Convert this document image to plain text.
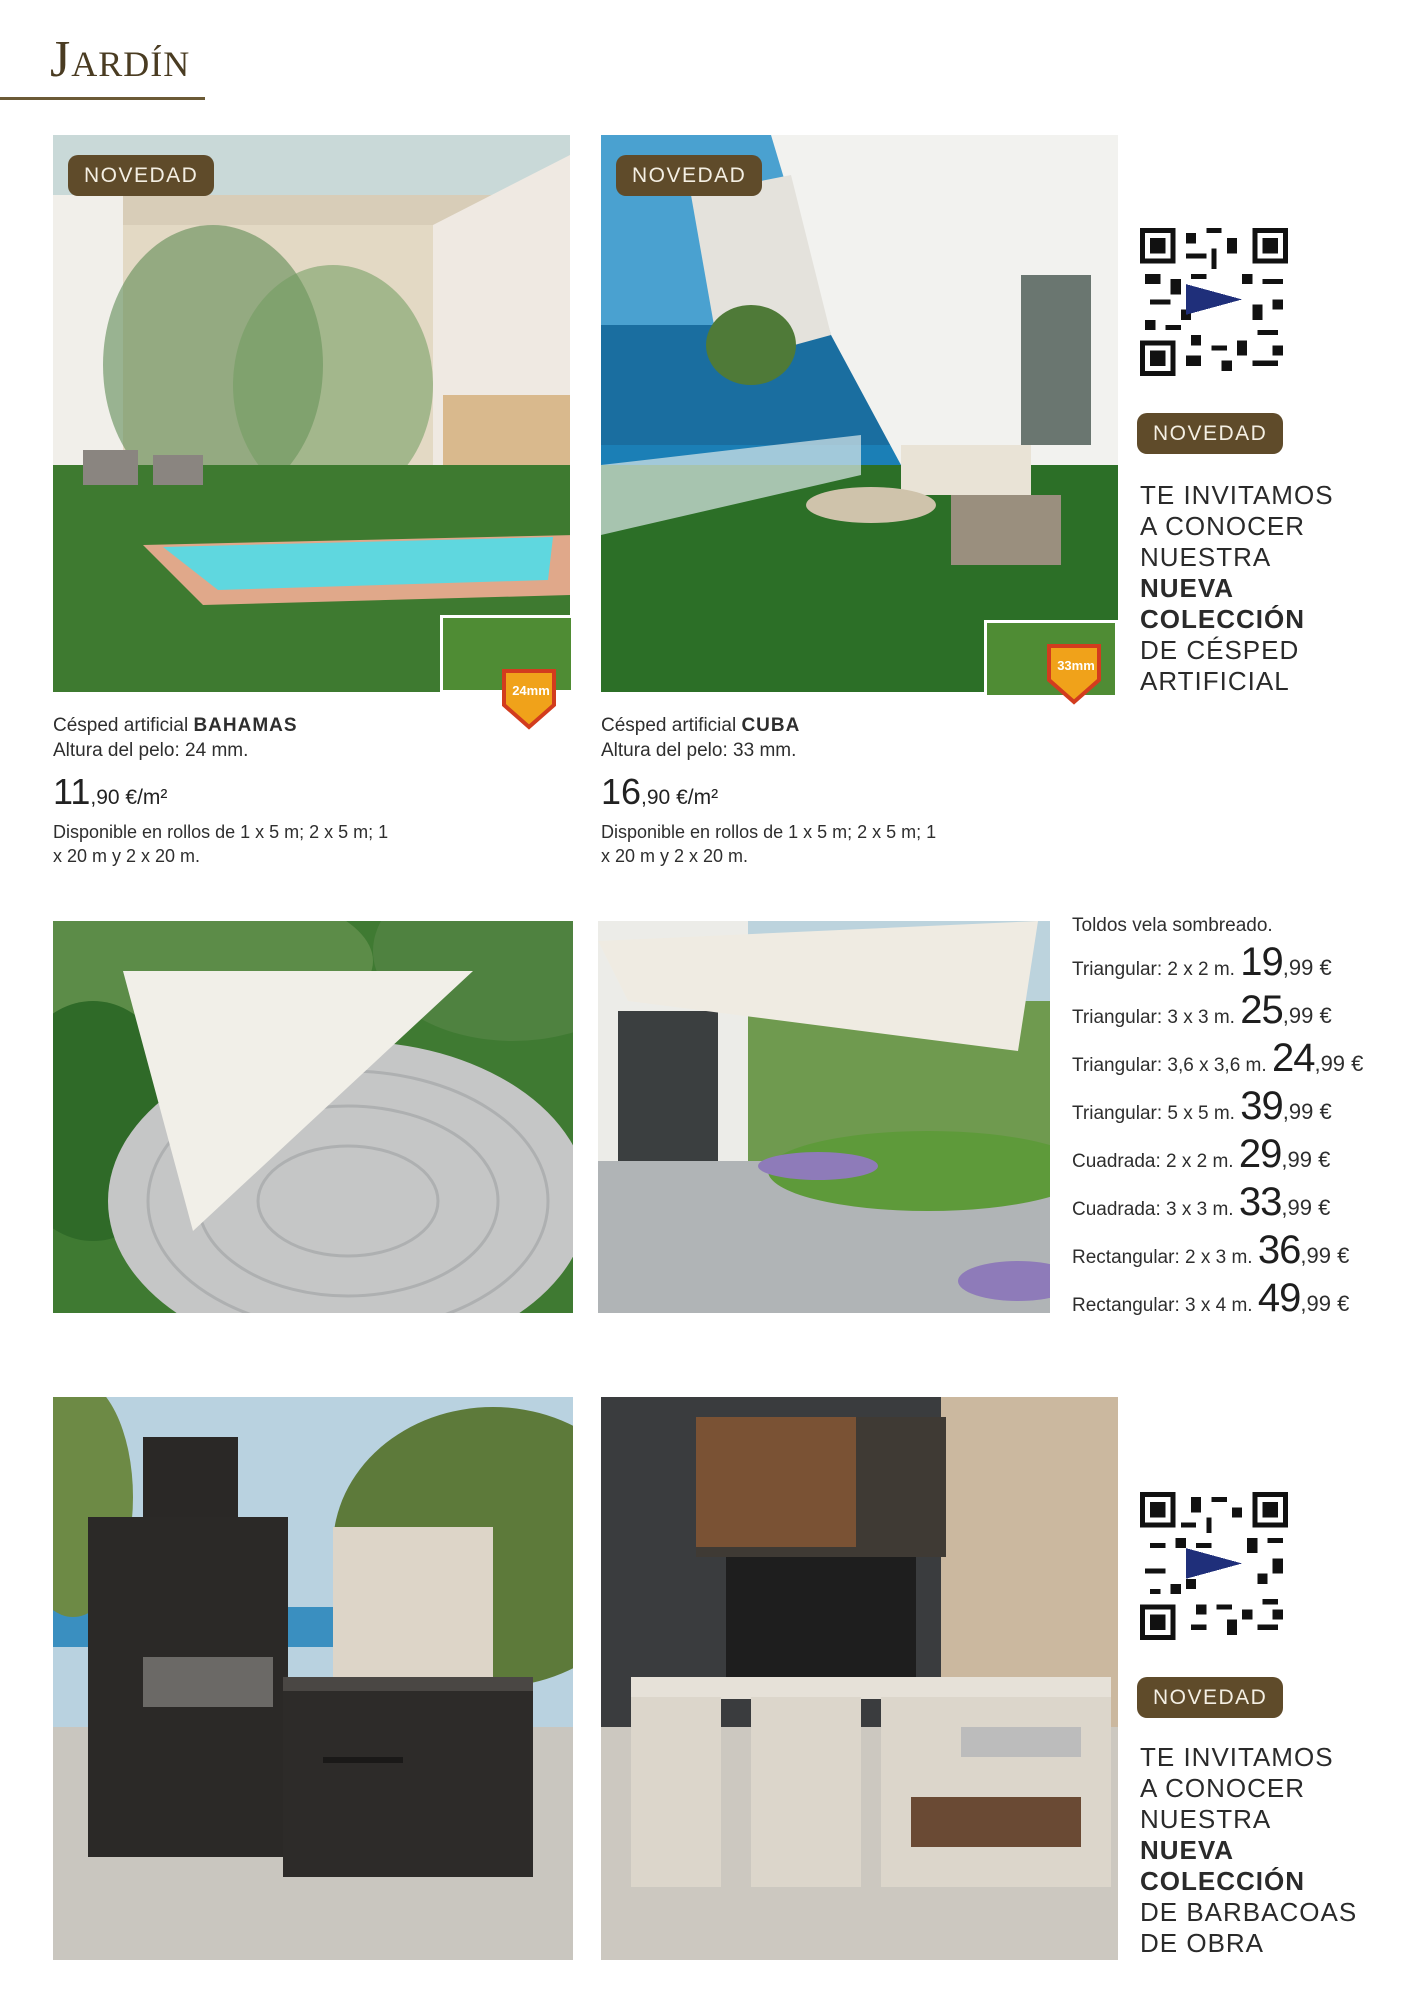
Jardín
NOVEDAD
24mm
NOVEDAD
33mm
NOVEDAD
TE INVITAMOS
A CONOCER
NUESTRA
NUEVA
COLECCIÓN
DE CÉSPED
ARTIFICIAL
Césped artificial BAHAMAS
Altura del pelo: 24 mm.
11,90 €/m²
Disponible en rollos de 1 x 5 m; 2 x 5 m; 1 x 20 m y 2 x 20 m.
Césped artificial CUBA
Altura del pelo: 33 mm.
16,90 €/m²
Disponible en rollos de 1 x 5 m; 2 x 5 m; 1 x 20 m y 2 x 20 m.
Toldos vela sombreado.
Triangular: 2 x 2 m. 19,99 €
Triangular: 3 x 3 m. 25,99 €
Triangular: 3,6 x 3,6 m. 24,99 €
Triangular: 5 x 5 m. 39,99 €
Cuadrada: 2 x 2 m. 29,99 €
Cuadrada: 3 x 3 m. 33,99 €
Rectangular: 2 x 3 m. 36,99 €
Rectangular: 3 x 4 m. 49,99 €
NOVEDAD
TE INVITAMOS
A CONOCER
NUESTRA
NUEVA
COLECCIÓN
DE BARBACOAS
DE OBRA
